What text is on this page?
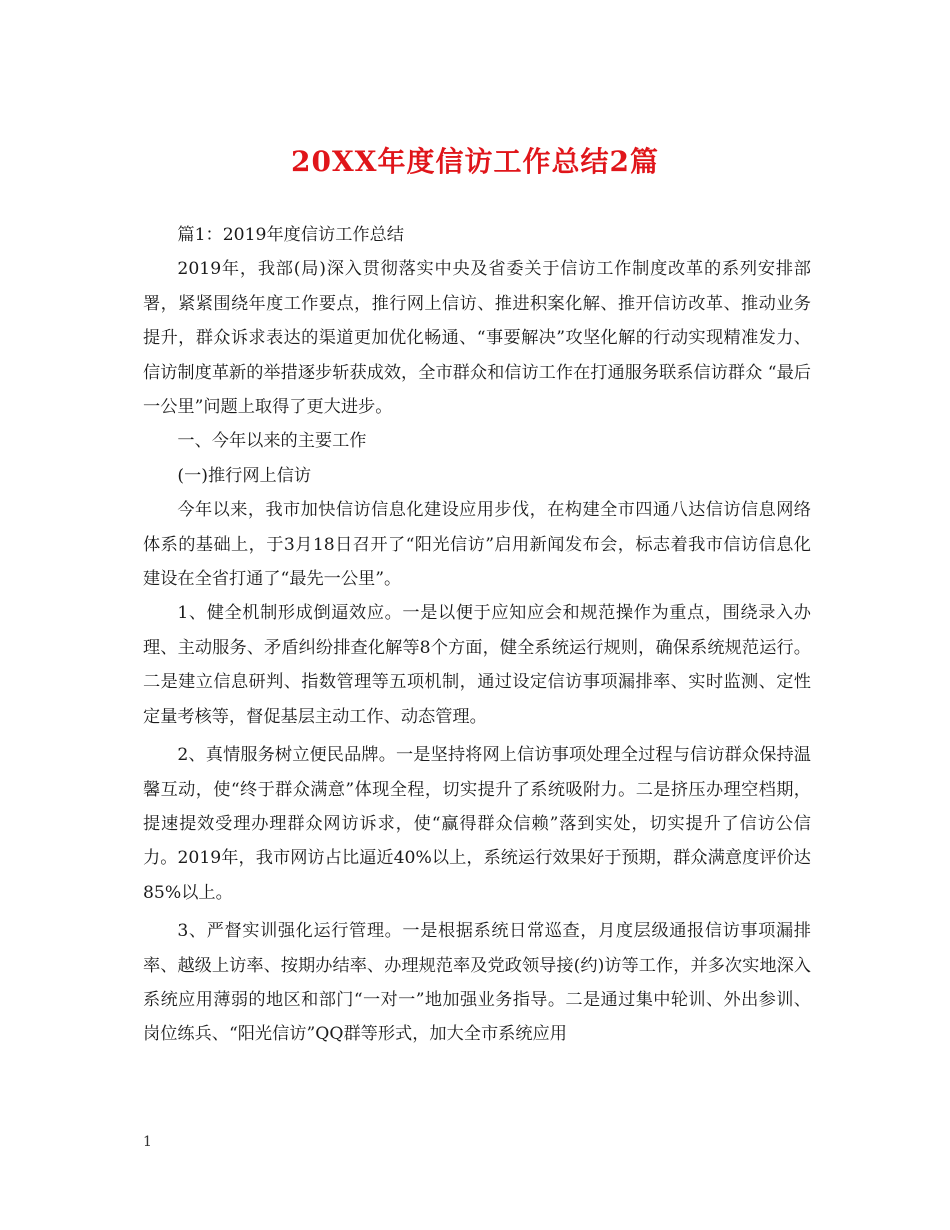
20XX年度信访工作总结2篇

篇1：2019年度信访工作总结

2019年，我部(局)深入贯彻落实中央及省委关于信访工作制度改革的系列安排部署，紧紧围绕年度工作要点，推行网上信访、推进积案化解、推开信访改革、推动业务提升，群众诉求表达的渠道更加优化畅通、“事要解决”攻坚化解的行动实现精准发力、信访制度革新的举措逐步斩获成效，全市群众和信访工作在打通服务联系信访群众 “最后一公里”问题上取得了更大进步。

一、今年以来的主要工作

(一)推行网上信访

今年以来，我市加快信访信息化建设应用步伐，在构建全市四通八达信访信息网络体系的基础上，于3月18日召开了“阳光信访”启用新闻发布会，标志着我市信访信息化建设在全省打通了“最先一公里”。

1、健全机制形成倒逼效应。一是以便于应知应会和规范操作为重点，围绕录入办理、主动服务、矛盾纠纷排查化解等8个方面，健全系统运行规则，确保系统规范运行。二是建立信息研判、指数管理等五项机制，通过设定信访事项漏排率、实时监测、定性定量考核等，督促基层主动工作、动态管理。

2、真情服务树立便民品牌。一是坚持将网上信访事项处理全过程与信访群众保持温馨互动，使“终于群众满意”体现全程，切实提升了系统吸附力。二是挤压办理空档期，提速提效受理办理群众网访诉求，使“赢得群众信赖”落到实处，切实提升了信访公信力。2019年，我市网访占比逼近40%以上，系统运行效果好于预期，群众满意度评价达85%以上。

3、严督实训强化运行管理。一是根据系统日常巡查，月度层级通报信访事项漏排率、越级上访率、按期办结率、办理规范率及党政领导接(约)访等工作，并多次实地深入系统应用薄弱的地区和部门“一对一”地加强业务指导。二是通过集中轮训、外出参训、岗位练兵、“阳光信访”QQ群等形式，加大全市系统应用

1
